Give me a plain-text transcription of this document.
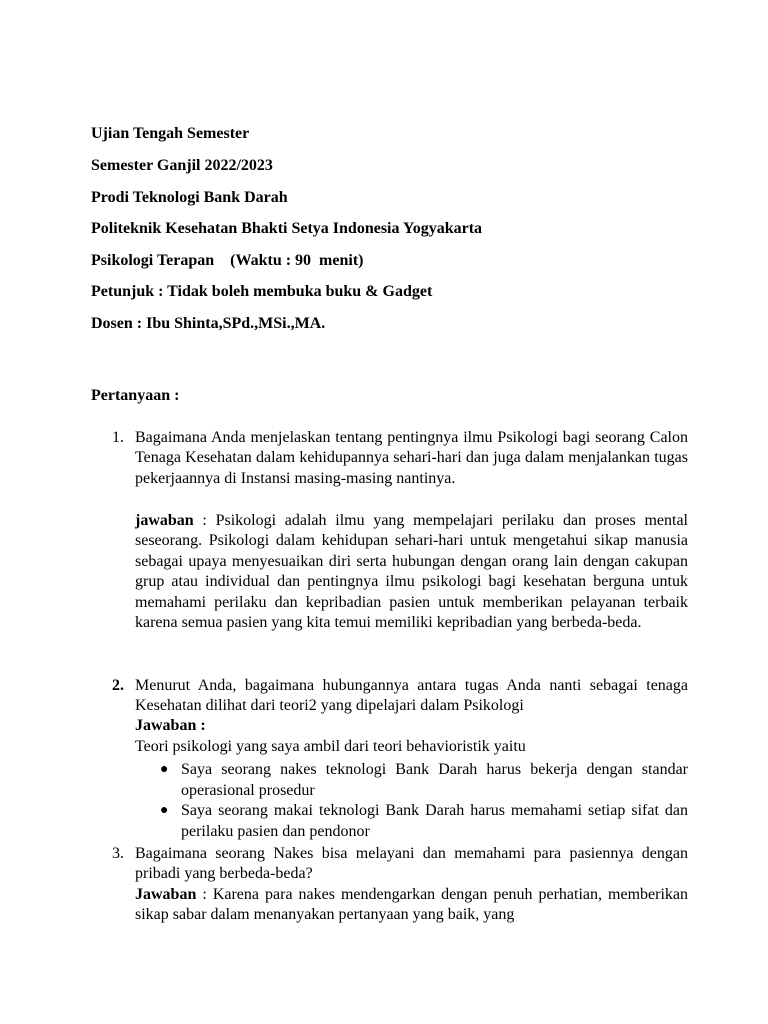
Ujian Tengah Semester
Semester Ganjil 2022/2023
Prodi Teknologi Bank Darah
Politeknik Kesehatan Bhakti Setya Indonesia Yogyakarta
Psikologi Terapan    (Waktu : 90  menit)
Petunjuk : Tidak boleh membuka buku & Gadget
Dosen : Ibu Shinta,SPd.,MSi.,MA.
Pertanyaan :
1. Bagaimana Anda menjelaskan tentang pentingnya ilmu Psikologi bagi seorang Calon Tenaga Kesehatan dalam kehidupannya sehari-hari dan juga dalam menjalankan tugas pekerjaannya di Instansi masing-masing nantinya.

jawaban : Psikologi adalah ilmu yang mempelajari perilaku dan proses mental seseorang. Psikologi dalam kehidupan sehari-hari untuk mengetahui sikap manusia sebagai upaya menyesuaikan diri serta hubungan dengan orang lain dengan cakupan grup atau individual dan pentingnya ilmu psikologi bagi kesehatan berguna untuk memahami perilaku dan kepribadian pasien untuk memberikan pelayanan terbaik karena semua pasien yang kita temui memiliki kepribadian yang berbeda-beda.

2. Menurut Anda, bagaimana hubungannya antara tugas Anda nanti sebagai tenaga Kesehatan dilihat dari teori2 yang dipelajari dalam Psikologi

Jawaban :
Teori psikologi yang saya ambil dari teori behavioristik yaitu
● Saya seorang nakes teknologi Bank Darah harus bekerja dengan standar operasional prosedur

● Saya seorang makai teknologi Bank Darah harus memahami setiap sifat dan perilaku pasien dan pendonor

3. Bagaimana seorang Nakes bisa melayani dan memahami para pasiennya dengan pribadi yang berbeda-beda?

Jawaban : Karena para nakes mendengarkan dengan penuh perhatian, memberikan sikap sabar dalam menanyakan pertanyaan yang baik, yang
